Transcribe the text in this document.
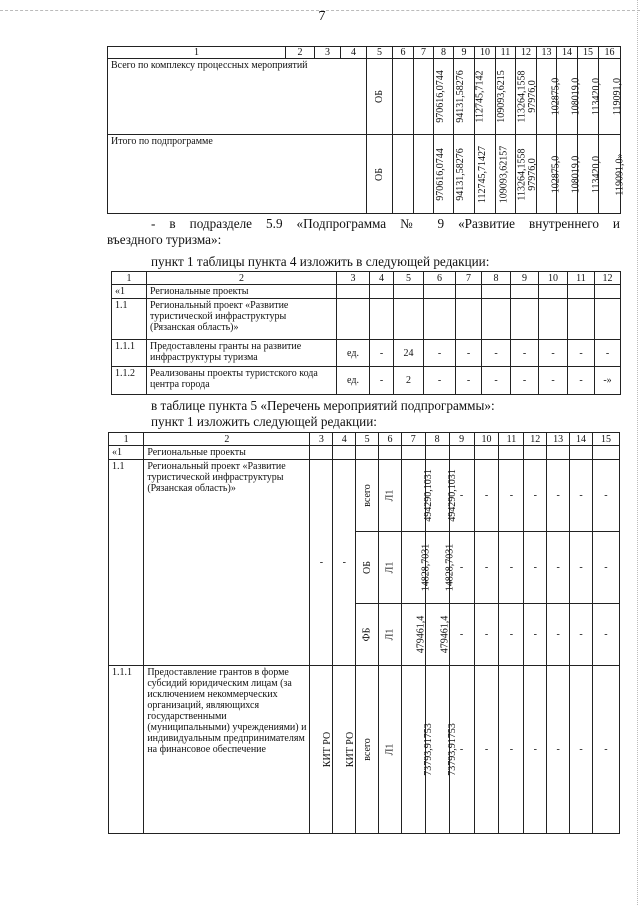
7
1	2	3	4	5	6	7	8	9	10	11	12	13	14	15	16
Всего по комплексу процессных мероприятий				ОБ		970616,0744	94131,58276	112745,7142	109093,6215	113264,1558	97976,0	102875,0	108019,0	113420,0	119091,0
Итого по подпрограмме				ОБ		970616,0744	94131,58276	112745,71427	109093,62157	113264,1558	97976,0	102875,0	108019,0	113420,0	119091,0»
- в подразделе 5.9 «Подпрограмма № 9 «Развитие внутреннего и
въездного туризма»:
пункт 1 таблицы пункта 4 изложить в следующей редакции:
1	2	3	4	5	6	7	8	9	10	11	12
«1	Региональные проекты										
1.1	Региональный проект «Развитие туристической инфраструктуры (Рязанская область)»										
1.1.1	Предоставлены гранты на развитие инфраструктуры туризма	ед.	-	24	-	-	-	-	-	-	-
1.1.2	Реализованы проекты туристского кода центра города	ед.	-	2	-	-	-	-	-	-	-»
в таблице пункта 5 «Перечень мероприятий подпрограммы»:
пункт 1 изложить следующей редакции:
1	2	3	4	5	6	7	8	9	10	11	12	13	14	15
«1	Региональные проекты													
1.1	Региональный проект «Развитие туристической инфраструктуры (Рязанская область)»	-	-	всего	Л1	494290,1031	494290,1031	-	-	-	-	-	-	-
				ОБ	Л1	14828,7031	14828,7031	-	-	-	-	-	-	-
				ФБ	Л1	479461,4	479461,4	-	-	-	-	-	-	-
1.1.1	Предоставление грантов в форме субсидий юридическим лицам (за исключением некоммерческих организаций, являющихся государственными (муниципальными) учреждениями) и индивидуальным предпринимателям на финансовое обеспечение	КИТ РО	КИТ РО	всего	Л1	73793,91753	73793,91753	-	-	-	-	-	-	-
